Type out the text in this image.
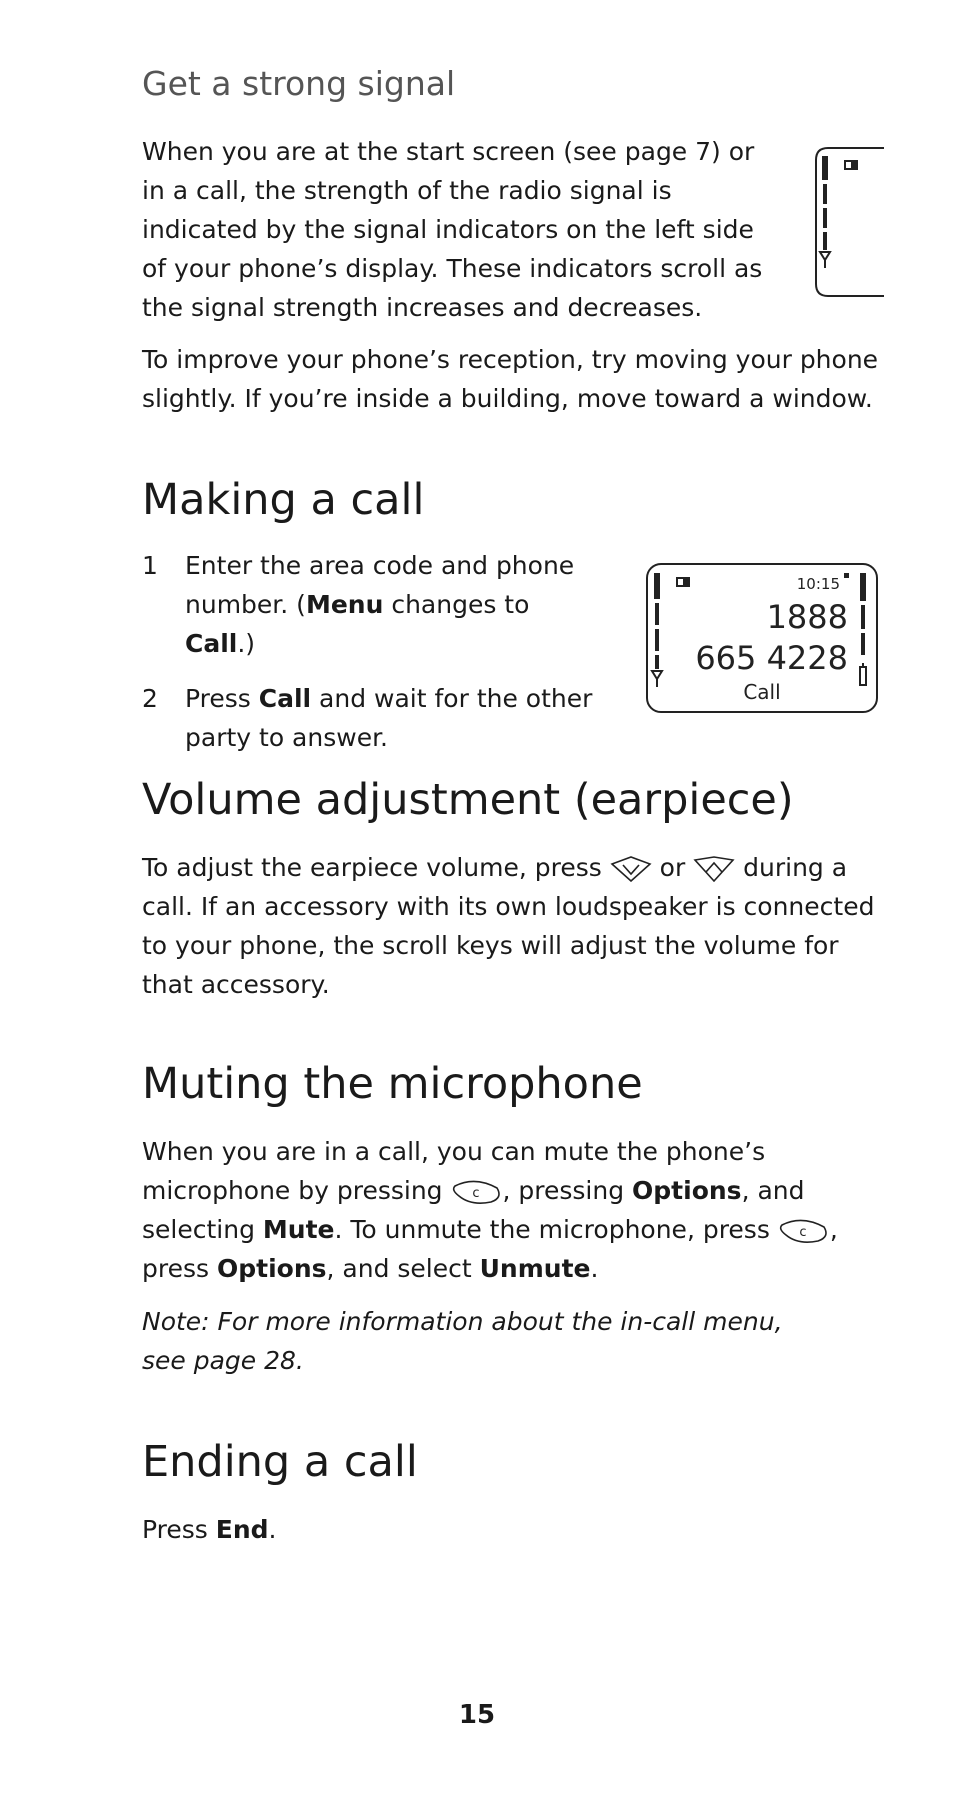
Get a strong signal

When you are at the start screen (see page 7) or in a call, the strength of the radio signal is indicated by the signal indicators on the left side of your phone’s display. These indicators scroll as the signal strength increases and decreases.

To improve your phone’s reception, try moving your phone slightly. If you’re inside a building, move toward a window.

Making a call
1 Enter the area code and phone number. (Menu changes to Call.)
2 Press Call and wait for the other party to answer.
10:15
1888
665 4228
Call
Volume adjustment (earpiece)

To adjust the earpiece volume, press  or  during a call. If an accessory with its own loudspeaker is connected to your phone, the scroll keys will adjust the volume for that accessory.

Muting the microphone

When you are in a call, you can mute the phone’s microphone by pressing c , pressing Options, and selecting Mute. To unmute the microphone, press c , press Options, and select Unmute.

Note: For more information about the in-call menu,
see page 28.

Ending a call

Press End.

15
